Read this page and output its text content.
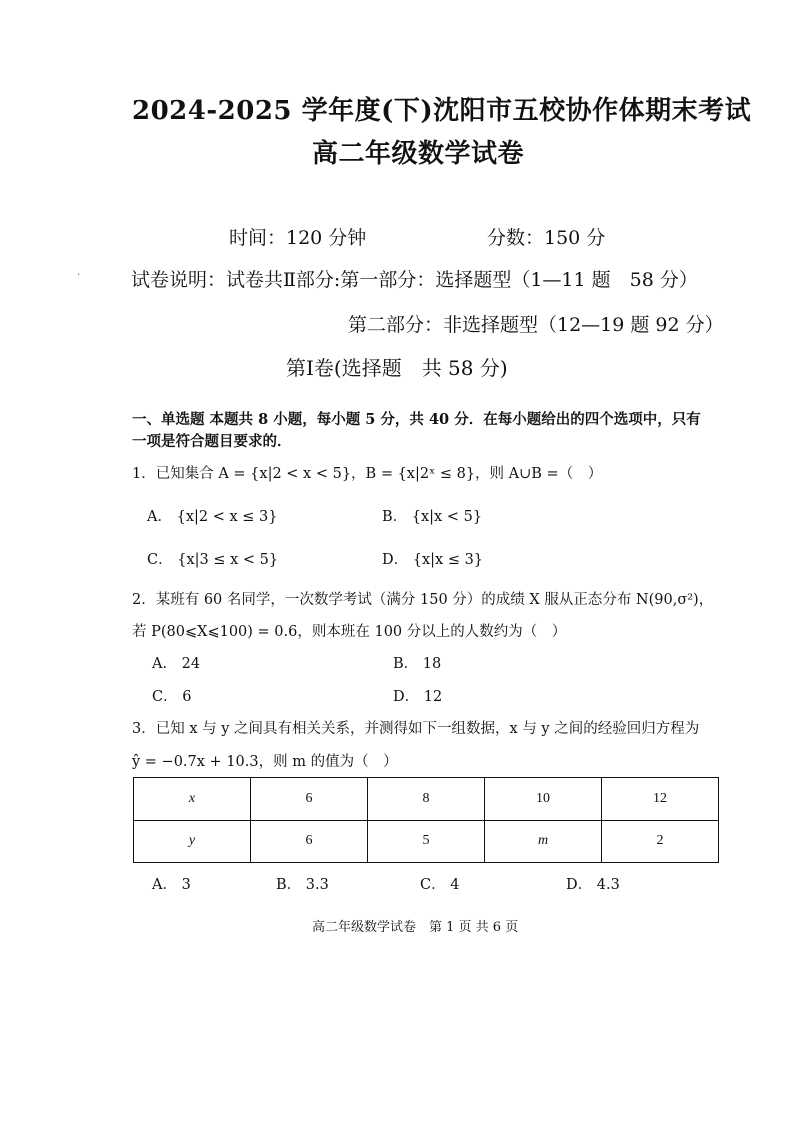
2024-2025 学年度(下)沈阳市五校协作体期末考试
高二年级数学试卷
时间：120 分钟	分数：150 分
·	试卷说明：试卷共Ⅱ部分:第一部分：选择题型（1—11 题　58 分）
第二部分：非选择题型（12—19 题 92 分）
第Ⅰ卷(选择题　共 58 分)
一、单选题 本题共 8 小题，每小题 5 分，共 40 分．在每小题给出的四个选项中，只有
一项是符合题目要求的．
1．已知集合 A = {x|2 < x < 5}，B = {x|2ˣ ≤ 8}，则 A∪B =（　）
A． {x|2 < x ≤ 3}	B． {x|x < 5}
C． {x|3 ≤ x < 5}	D． {x|x ≤ 3}
2．某班有 60 名同学，一次数学考试（满分 150 分）的成绩 X 服从正态分布 N(90,σ²)，
若 P(80⩽X⩽100) = 0.6，则本班在 100 分以上的人数约为（　）
A． 24	B． 18
C． 6	D． 12
3．已知 x 与 y 之间具有相关关系，并测得如下一组数据，x 与 y 之间的经验回归方程为
ŷ = −0.7x + 10.3，则 m 的值为（　）
x	6	8	10	12
y	6	5	m	2
A． 3	B． 3.3	C． 4	D． 4.3
高二年级数学试卷　第 1 页 共 6 页
